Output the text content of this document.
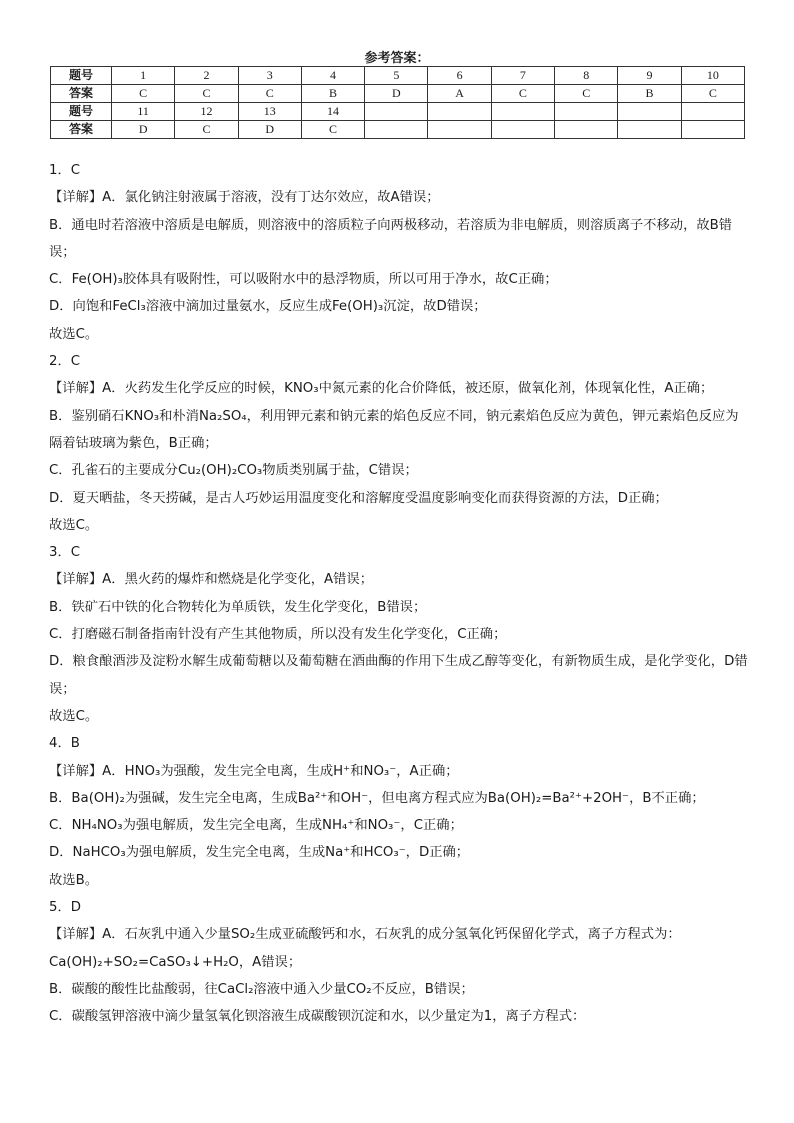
参考答案：
题号	1	2	3	4	5	6	7	8	9	10
答案	C	C	C	B	D	A	C	C	B	C
题号	11	12	13	14						
答案	D	C	D	C						

1．C

【详解】A．氯化钠注射液属于溶液，没有丁达尔效应，故A错误；

B．通电时若溶液中溶质是电解质，则溶液中的溶质粒子向两极移动，若溶质为非电解质，则溶质离子不移动，故B错误；

C．Fe(OH)₃胶体具有吸附性，可以吸附水中的悬浮物质，所以可用于净水，故C正确；

D．向饱和FeCl₃溶液中滴加过量氨水，反应生成Fe(OH)₃沉淀，故D错误；

故选C。

2．C

【详解】A．火药发生化学反应的时候，KNO₃中氮元素的化合价降低，被还原，做氧化剂，体现氧化性，A正确；

B．鉴别硝石KNO₃和朴消Na₂SO₄，利用钾元素和钠元素的焰色反应不同，钠元素焰色反应为黄色，钾元素焰色反应为隔着钴玻璃为紫色，B正确；

C．孔雀石的主要成分Cu₂(OH)₂CO₃物质类别属于盐，C错误；

D．夏天晒盐，冬天捞碱，是古人巧妙运用温度变化和溶解度受温度影响变化而获得资源的方法，D正确；

故选C。

3．C

【详解】A．黑火药的爆炸和燃烧是化学变化，A错误；

B．铁矿石中铁的化合物转化为单质铁，发生化学变化，B错误；

C．打磨磁石制备指南针没有产生其他物质，所以没有发生化学变化，C正确；

D．粮食酿酒涉及淀粉水解生成葡萄糖以及葡萄糖在酒曲酶的作用下生成乙醇等变化，有新物质生成，是化学变化，D错误；

故选C。

4．B

【详解】A．HNO₃为强酸，发生完全电离，生成H⁺和NO₃⁻，A正确；

B．Ba(OH)₂为强碱，发生完全电离，生成Ba²⁺和OH⁻，但电离方程式应为Ba(OH)₂=Ba²⁺+2OH⁻，B不正确；

C．NH₄NO₃为强电解质，发生完全电离，生成NH₄⁺和NO₃⁻，C正确；

D．NaHCO₃为强电解质，发生完全电离，生成Na⁺和HCO₃⁻，D正确；

故选B。

5．D

【详解】A．石灰乳中通入少量SO₂生成亚硫酸钙和水，石灰乳的成分氢氧化钙保留化学式，离子方程式为：

Ca(OH)₂+SO₂=CaSO₃↓+H₂O，A错误；

B．碳酸的酸性比盐酸弱，往CaCl₂溶液中通入少量CO₂不反应，B错误；

C．碳酸氢钾溶液中滴少量氢氧化钡溶液生成碳酸钡沉淀和水，以少量定为1，离子方程式：
